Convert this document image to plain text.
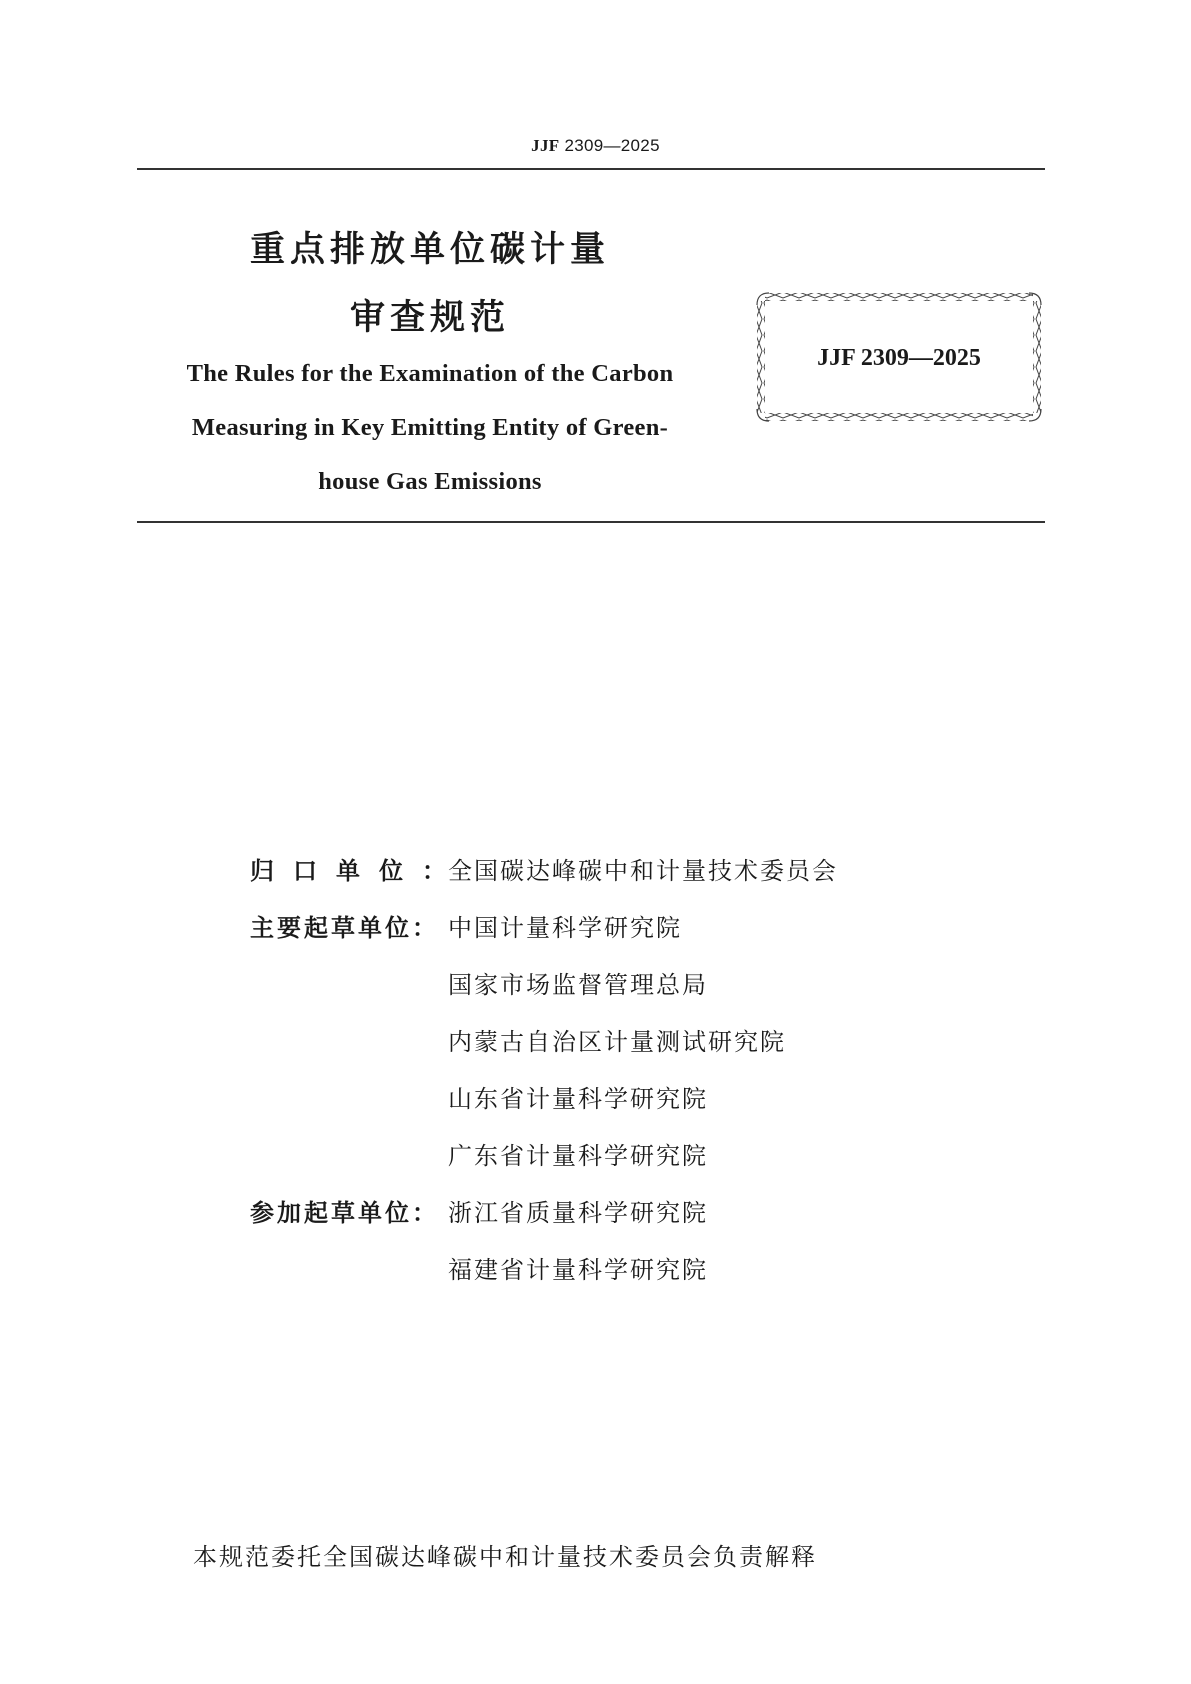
JJF 2309—2025
重点排放单位碳计量
审查规范
The Rules for the Examination of the Carbon
Measuring in Key Emitting Entity of Green-
house Gas Emissions
JJF 2309—2025
归口单位：
全国碳达峰碳中和计量技术委员会
主要起草单位： 中国计量科学研究院
国家市场监督管理总局
内蒙古自治区计量测试研究院
山东省计量科学研究院
广东省计量科学研究院
参加起草单位： 浙江省质量科学研究院
福建省计量科学研究院
本规范委托全国碳达峰碳中和计量技术委员会负责解释
